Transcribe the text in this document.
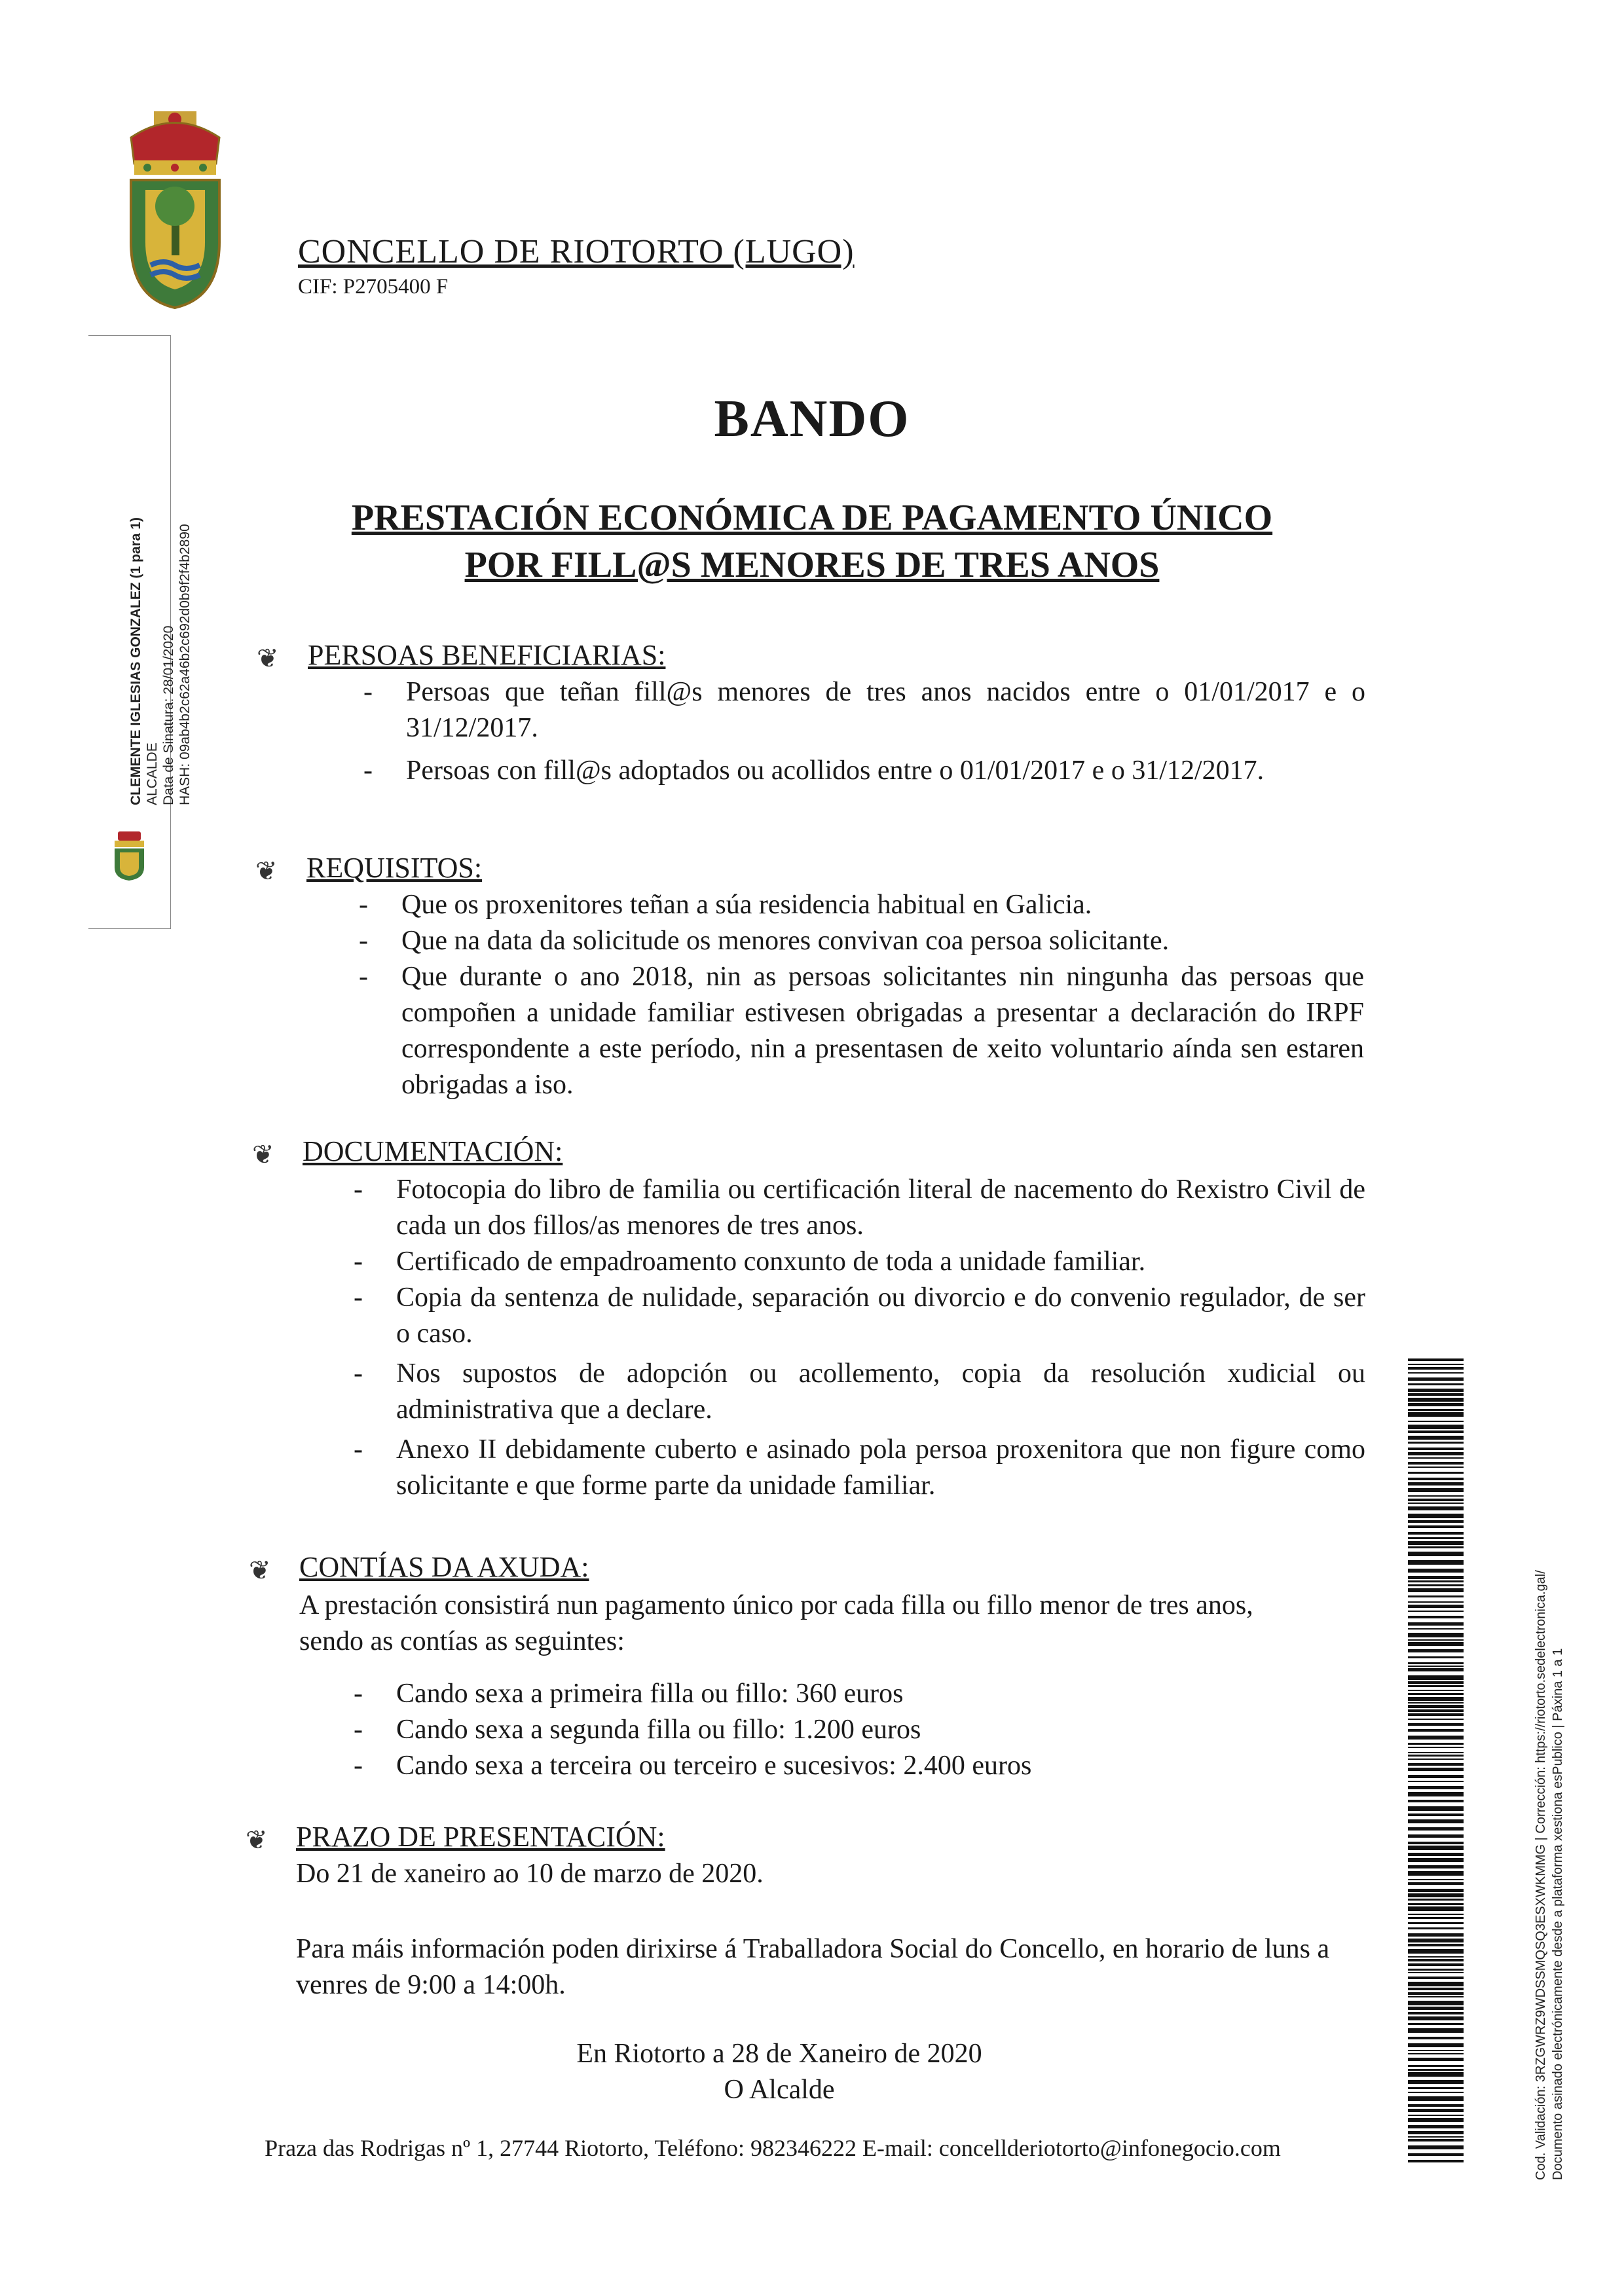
CONCELLO DE RIOTORTO (LUGO)
CIF: P2705400 F
CLEMENTE IGLESIAS GONZALEZ (1 para 1) ALCALDE Data de Sinatura: 28/01/2020 HASH: 09ab4b2c62a46b2c692d0b9f2f4b2890
BANDO
PRESTACIÓN ECONÓMICA DE PAGAMENTO ÚNICO
POR FILL@S MENORES DE TRES ANOS
❦ PERSOAS BENEFICIARIAS:
- Persoas que teñan fill@s menores de tres anos nacidos entre o 01/01/2017 e o 31/12/2017.
- Persoas con fill@s adoptados ou acollidos entre o 01/01/2017 e o 31/12/2017.
❦ REQUISITOS:
- Que os proxenitores teñan a súa residencia habitual en Galicia.
- Que na data da solicitude os menores convivan coa persoa solicitante.
- Que durante o ano 2018, nin as persoas solicitantes nin ningunha das persoas que compoñen a unidade familiar estivesen obrigadas a presentar a declaración do IRPF correspondente a este período, nin a presentasen de xeito voluntario aínda sen estaren obrigadas a iso.
❦ DOCUMENTACIÓN:
- Fotocopia do libro de familia ou certificación literal de nacemento do Rexistro Civil de cada un dos fillos/as menores de tres anos.
- Certificado de empadroamento conxunto de toda a unidade familiar.
- Copia da sentenza de nulidade, separación ou divorcio e do convenio regulador, de ser o caso.
- Nos supostos de adopción ou acollemento, copia da resolución xudicial ou administrativa que a declare.
- Anexo II debidamente cuberto e asinado pola persoa proxenitora que non figure como solicitante e que forme parte da unidade familiar.
❦ CONTÍAS DA AXUDA:
A prestación consistirá nun pagamento único por cada filla ou fillo menor de tres anos, sendo as contías as seguintes:
- Cando sexa a primeira filla ou fillo: 360 euros
- Cando sexa a segunda filla ou fillo: 1.200 euros
- Cando sexa a terceira ou terceiro e sucesivos: 2.400 euros
❦ PRAZO DE PRESENTACIÓN:
Do 21 de xaneiro ao 10 de marzo de 2020.
Para máis información poden dirixirse á Traballadora Social do Concello, en horario de luns a venres de 9:00 a 14:00h.
En Riotorto a 28 de Xaneiro de 2020
O Alcalde
Praza das Rodrigas nº 1, 27744 Riotorto, Teléfono: 982346222 E-mail: concellderiotorto@infonegocio.com	Cod. Validación: 3RZGWRZ9WDSSMQSQ3ESXWKMMG | Corrección: https://riotorto.sedelectronica.gal/ Documento asinado electrónicamente desde a plataforma xestiona esPublico | Páxina 1 a 1
